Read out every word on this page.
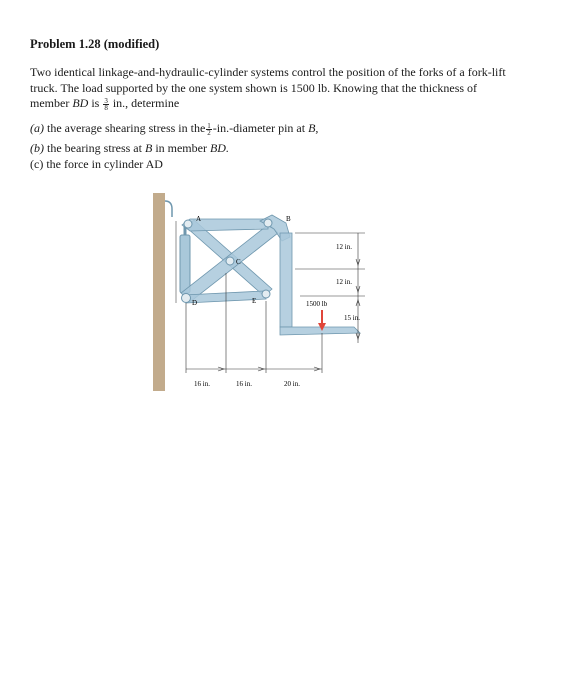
Problem 1.28 (modified)
Two identical linkage-and-hydraulic-cylinder systems control the position of the forks of a fork-lift truck. The load supported by the one system shown is 1500 lb. Knowing that the thickness of member BD is $\frac{3}{8}$ in., determine
(a) the average shearing stress in the $\frac{1}{2}$ -in.-diameter pin at B,
(b) the bearing stress at B in member BD.
(c) the force in cylinder AD
A	B
C
D	E
12 in.
12 in.
15 in.
1500 lb
16 in.	16 in.	20 in.
